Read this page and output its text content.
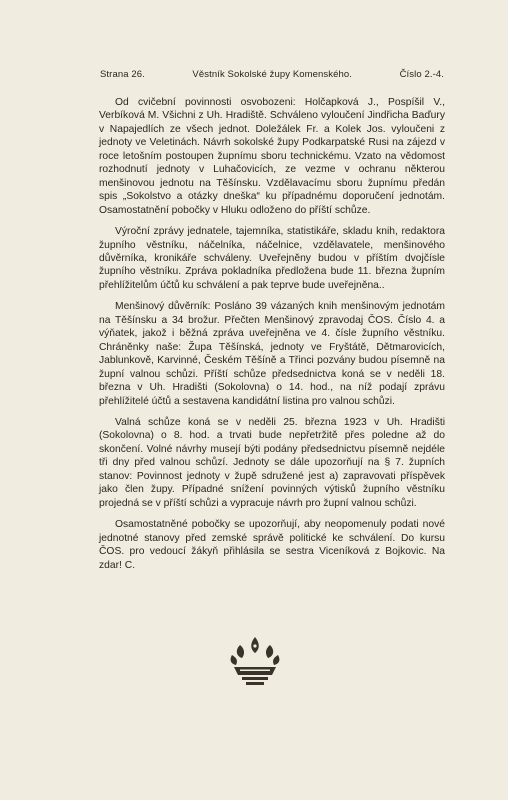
Strana 26.	Věstník Sokolské župy Komenského.	Číslo 2.-4.

Od cvičební povinnosti osvobozeni: Holčapková J., Pospíšil V., Verbíková M. Všichni z Uh. Hradiště. Schváleno vyloučení Jindřicha Baďury v Napajedlích ze všech jednot. Doležálek Fr. a Kolek Jos. vyloučeni z jednoty ve Veletinách. Návrh sokolské župy Podkarpatské Rusi na zájezd v roce letošním postoupen župnímu sboru technickému. Vzato na vědomost rozhodnutí jednoty v Luhačovicích, ze vezme v ochranu některou menšinovou jednotu na Těšínsku. Vzdělavacímu sboru župnímu předán spis „Sokolstvo a otázky dneška“ ku případnému doporučení jednotám. Osamostatnění pobočky v Hluku odloženo do příští schůze.

Výroční zprávy jednatele, tajemníka, statistikáře, skladu knih, redaktora župního věstníku, náčelníka, náčelnice, vzdělavatele, menšinového důvěrníka, kronikáře schváleny. Uveřejněny budou v příštím dvojčísle župního věstníku. Zpráva pokladníka předložena bude 11. března župním přehlížitelům účtů ku schválení a pak teprve bude uveřejněna..

Menšinový důvěrník: Posláno 39 vázaných knih menšinovým jednotám na Těšínsku a 34 brožur. Přečten Menšinový zpravodaj ČOS. Číslo 4. a výňatek, jakož i běžná zpráva uveřejněna ve 4. čísle župního věstníku. Chráněnky naše: Župa Těšínská, jednoty ve Fryštátě, Dětmarovicích, Jablunkově, Karvinné, Českém Těšíně a Třinci pozvány budou písemně na župní valnou schůzi. Příští schůze předsednictva koná se v neděli 18. března v Uh. Hradišti (Sokolovna) o 14. hod., na níž podají zprávu přehlížitelé účtů a sestavena kandidátní listina pro valnou schůzi.

Valná schůze koná se v neděli 25. března 1923 v Uh. Hradišti (Sokolovna) o 8. hod. a trvati bude nepřetržitě přes poledne až do skončení. Volné návrhy musejí býti podány předsednictvu písemně nejdéle tři dny před valnou schůzí. Jednoty se dále upozorňují na § 7. župních stanov: Povinnost jednoty v župě sdružené jest a) zapravovati příspěvek jako člen župy. Případné snížení povinných výtisků župního věstníku projedná se v příští schůzi a vypracuje návrh pro župní valnou schůzi.

Osamostatněné pobočky se upozorňují, aby neopomenuly podati nové jednotné stanovy před zemské správě politické ke schválení. Do kursu ČOS. pro vedoucí žákyň přihlásila se sestra Viceníková z Bojkovic. Na zdar! C.
